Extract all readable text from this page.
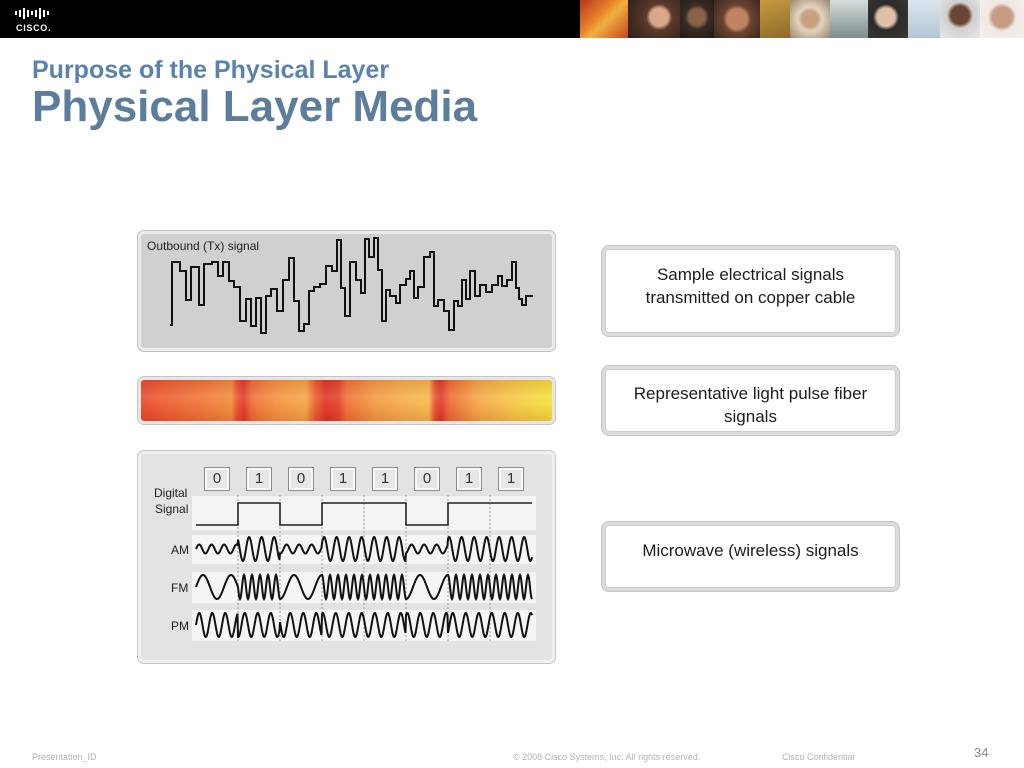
CISCO.
Purpose of the Physical Layer
Physical Layer Media
Outbound (Tx) signal
0	1	0	1	1	0	1	1
Digital
Signal
AM
FM
PM
Sample electrical signals
transmitted on copper cable
Representative light pulse fiber
signals
Microwave (wireless) signals
Presentation_ID	© 2008 Cisco Systems, Inc. All rights reserved.	Cisco Confidential	34
